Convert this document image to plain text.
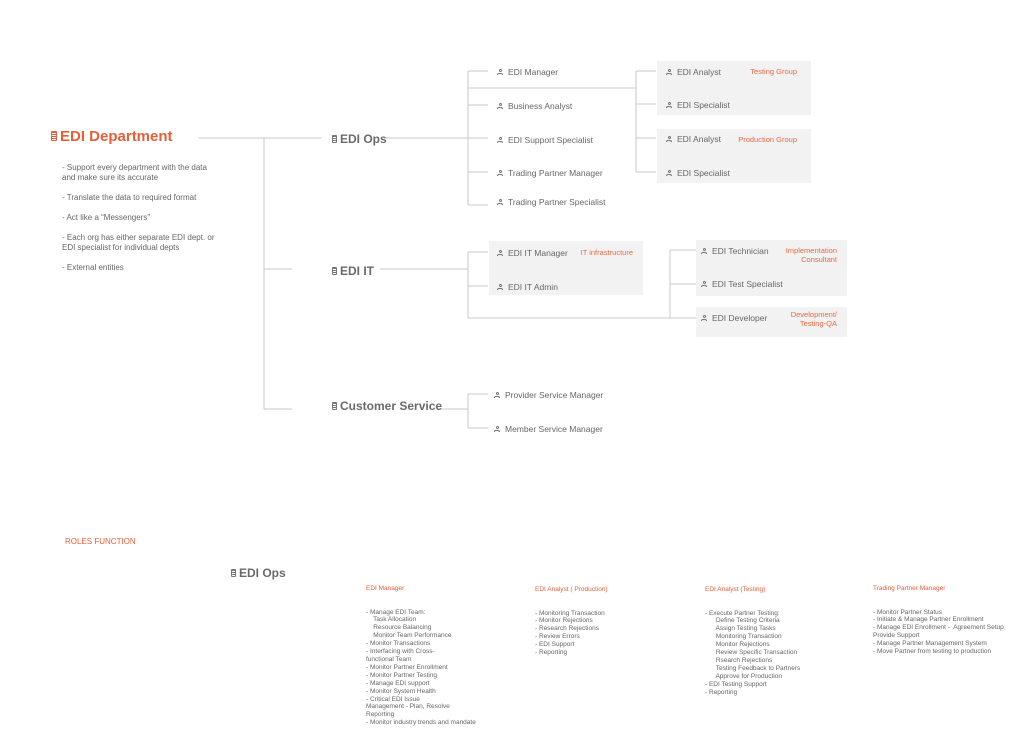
EDI Department
- Support every department with the data
and make sure its accurate
- Translate the data to required format
- Act like a “Messengers”
- Each org has either separate EDI dept. or
EDI specialist for individual depts
- External entities
EDI Ops
EDI Manager
Business Analyst
EDI Support Specialist
Trading Partner Manager
Trading Partner Specialist
Testing Group
EDI Analyst
EDI Specialist
Production Group
EDI Analyst
EDI Specialist
EDI IT
IT infrastructure
EDI IT Manager
EDI IT Admin
Implementation
Consultant
EDI Technician
EDI Test Specialist
Development/
Testing-QA
EDI Developer
Customer Service
Provider Service Manager
Member Service Manager
ROLES FUNCTION
EDI Ops

EDI Manager

- Manage EDI Team:
Task Allocation
Resource Balancing
Monitor Team Performance
- Monitor Transactions
- Interfacing with Cross-
functional Team
- Monitor Partner Enrollment
- Monitor Partner Testing
- Manage EDI support
- Monitor System Health
- Critical EDI Issue
Management - Plan, Resolve
Reporting
- Monitor industry trends and mandate

EDI Analyst ( Production)

- Monitoring Transaction
- Monitor Rejections
- Research Rejections
- Review Errors
- EDI Support
- Reporting

EDI Analyst (Testing)

- Execute Partner Testing:
Define Testing Criteria
Assign Testing Tasks
Monitoring Transaction
Monitor Rejections
Review Specific Transaction
Rsearch Rejections
Testing Feedback to Partners
Approve for Production
- EDI Testing Support
- Reporting

Trading Partner Manager

- Monitor Partner Status
- Initiate & Manage Partner Enrollment
- Manage EDI Enrollment -  Agreement Setup
Provide Support
- Manage Partner Management System
- Move Partner from testing to production
